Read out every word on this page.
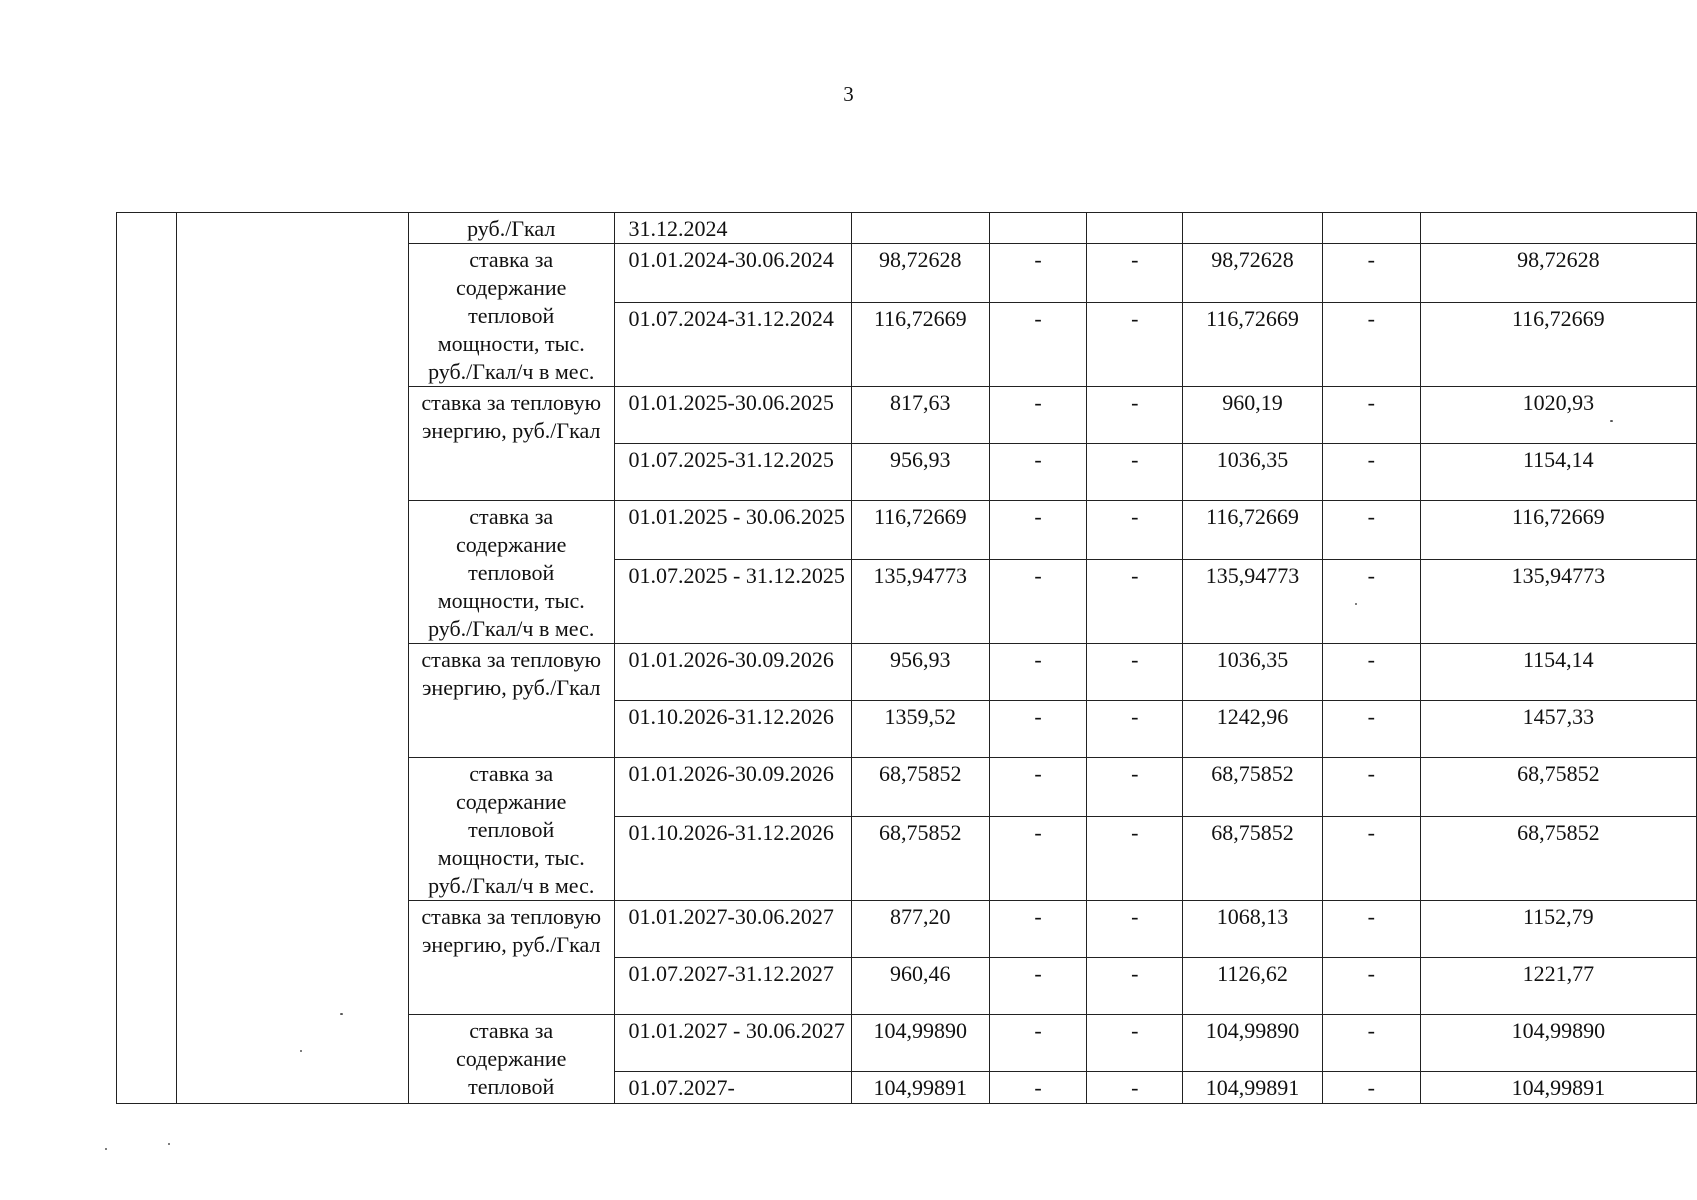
3
		руб./Гкал	31.12.2024						
		ставка за содержание тепловой мощности, тыс. руб./Гкал/ч в мес.	01.01.2024-30.06.2024	98,72628	-	-	98,72628	-	98,72628
			01.07.2024-31.12.2024	116,72669	-	-	116,72669	-	116,72669
		ставка за тепловую энергию, руб./Гкал	01.01.2025-30.06.2025	817,63	-	-	960,19	-	1020,93
			01.07.2025-31.12.2025	956,93	-	-	1036,35	-	1154,14
		ставка за содержание тепловой мощности, тыс. руб./Гкал/ч в мес.	01.01.2025 - 30.06.2025	116,72669	-	-	116,72669	-	116,72669
			01.07.2025 - 31.12.2025	135,94773	-	-	135,94773	-	135,94773
		ставка за тепловую энергию, руб./Гкал	01.01.2026-30.09.2026	956,93	-	-	1036,35	-	1154,14
			01.10.2026-31.12.2026	1359,52	-	-	1242,96	-	1457,33
		ставка за содержание тепловой мощности, тыс. руб./Гкал/ч в мес.	01.01.2026-30.09.2026	68,75852	-	-	68,75852	-	68,75852
			01.10.2026-31.12.2026	68,75852	-	-	68,75852	-	68,75852
		ставка за тепловую энергию, руб./Гкал	01.01.2027-30.06.2027	877,20	-	-	1068,13	-	1152,79
			01.07.2027-31.12.2027	960,46	-	-	1126,62	-	1221,77
		ставка за содержание тепловой	01.01.2027 - 30.06.2027	104,99890	-	-	104,99890	-	104,99890
			01.07.2027-	104,99891	-	-	104,99891	-	104,99891
